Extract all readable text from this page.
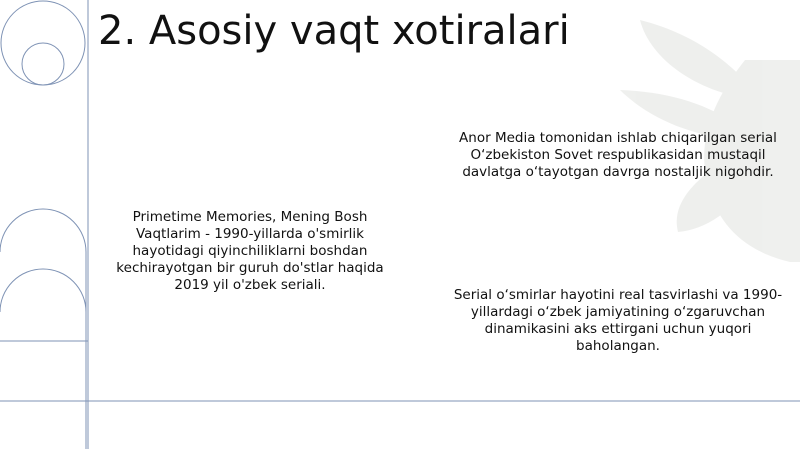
2. Asosiy vaqt xotiralari
Primetime Memories, Mening Bosh Vaqtlarim - 1990-yillarda o'smirlik hayotidagi qiyinchiliklarni boshdan kechirayotgan bir guruh do'stlar haqida 2019 yil o'zbek seriali.
Anor Media tomonidan ishlab chiqarilgan serial O‘zbekiston Sovet respublikasidan mustaqil davlatga o‘tayotgan davrga nostaljik nigohdir.
Serial o‘smirlar hayotini real tasvirlashi va 1990-yillardagi o‘zbek jamiyatining o‘zgaruvchan dinamikasini aks ettirgani uchun yuqori baholangan.
